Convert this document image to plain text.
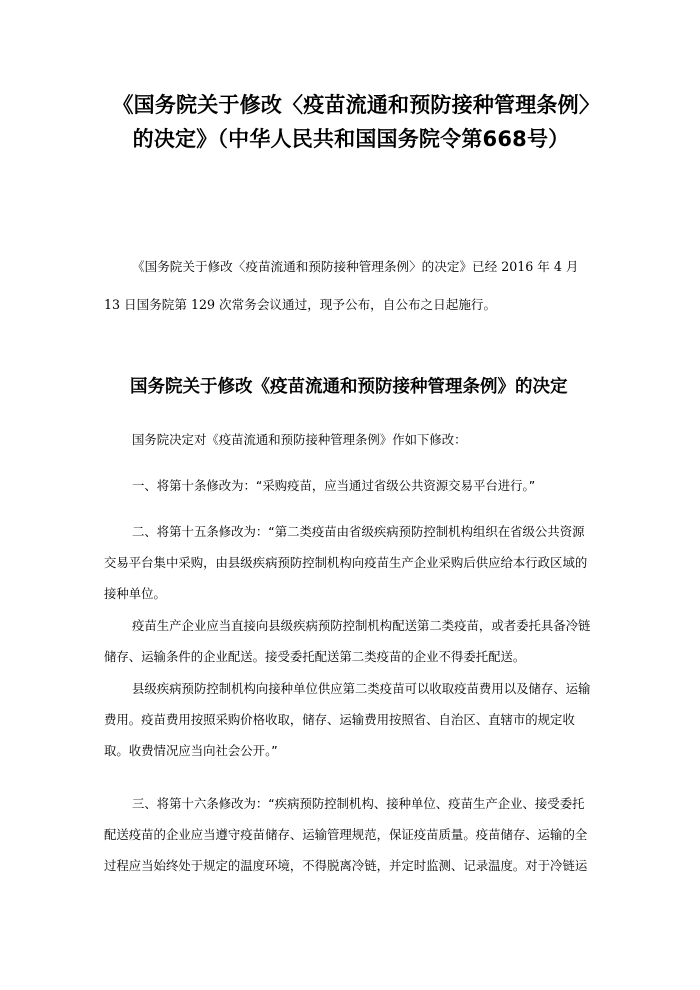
《国务院关于修改〈疫苗流通和预防接种管理条例〉的决定》（中华人民共和国国务院令第668号）

《国务院关于修改〈疫苗流通和预防接种管理条例〉的决定》已经 2016 年 4 月 13 日国务院第 129 次常务会议通过，现予公布，自公布之日起施行。

国务院关于修改《疫苗流通和预防接种管理条例》的决定

国务院决定对《疫苗流通和预防接种管理条例》作如下修改：

一、将第十条修改为：“采购疫苗，应当通过省级公共资源交易平台进行。”

二、将第十五条修改为：“第二类疫苗由省级疾病预防控制机构组织在省级公共资源交易平台集中采购，由县级疾病预防控制机构向疫苗生产企业采购后供应给本行政区域的接种单位。

疫苗生产企业应当直接向县级疾病预防控制机构配送第二类疫苗，或者委托具备冷链储存、运输条件的企业配送。接受委托配送第二类疫苗的企业不得委托配送。

县级疾病预防控制机构向接种单位供应第二类疫苗可以收取疫苗费用以及储存、运输费用。疫苗费用按照采购价格收取，储存、运输费用按照省、自治区、直辖市的规定收取。收费情况应当向社会公开。”

三、将第十六条修改为：“疾病预防控制机构、接种单位、疫苗生产企业、接受委托配送疫苗的企业应当遵守疫苗储存、运输管理规范，保证疫苗质量。疫苗储存、运输的全过程应当始终处于规定的温度环境，不得脱离冷链，并定时监测、记录温度。对于冷链运
